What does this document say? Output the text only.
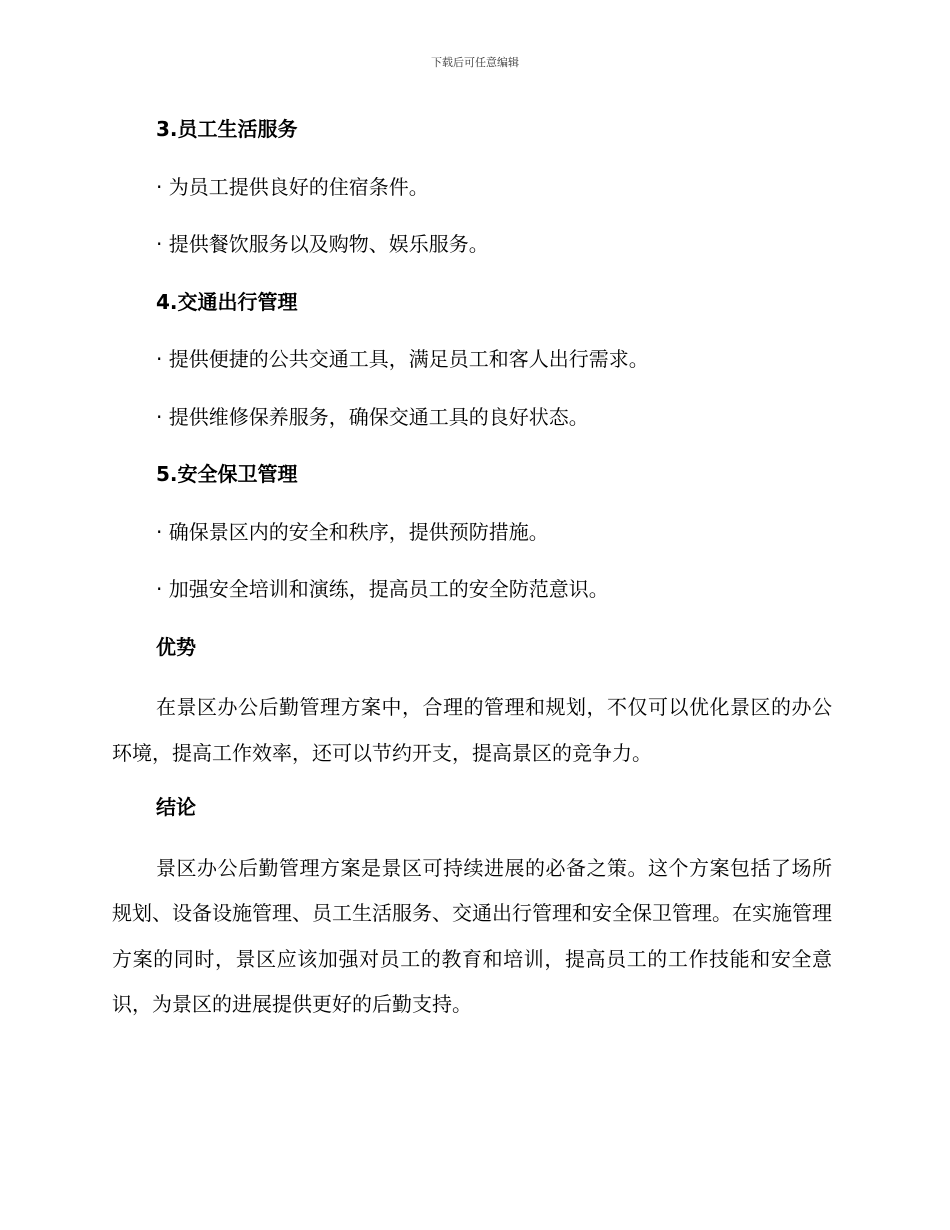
下载后可任意编辑
3.员工生活服务
· 为员工提供良好的住宿条件。
· 提供餐饮服务以及购物、娱乐服务。
4.交通出行管理
· 提供便捷的公共交通工具，满足员工和客人出行需求。
· 提供维修保养服务，确保交通工具的良好状态。
5.安全保卫管理
· 确保景区内的安全和秩序，提供预防措施。
· 加强安全培训和演练，提高员工的安全防范意识。
优势

在景区办公后勤管理方案中，合理的管理和规划，不仅可以优化景区的办公环境，提高工作效率，还可以节约开支，提高景区的竞争力。

结论

景区办公后勤管理方案是景区可持续进展的必备之策。这个方案包括了场所规划、设备设施管理、员工生活服务、交通出行管理和安全保卫管理。在实施管理方案的同时，景区应该加强对员工的教育和培训，提高员工的工作技能和安全意识，为景区的进展提供更好的后勤支持。
